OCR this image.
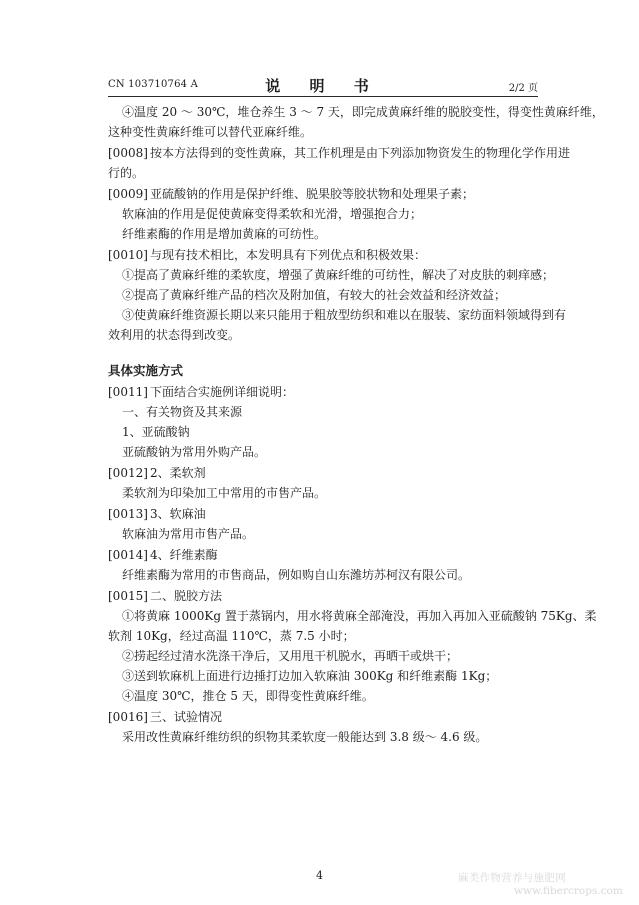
CN 103710764 A	说 明 书	2/2 页
④温度 20 ～ 30℃，堆仓养生 3 ～ 7 天，即完成黄麻纤维的脱胶变性，得变性黄麻纤维，
这种变性黄麻纤维可以替代亚麻纤维。
[0008] 按本方法得到的变性黄麻，其工作机理是由下列添加物资发生的物理化学作用进
行的。
[0009] 亚硫酸钠的作用是保护纤维、脱果胶等胶状物和处理果子素；
软麻油的作用是促使黄麻变得柔软和光滑，增强抱合力；
纤维素酶的作用是增加黄麻的可纺性。
[0010] 与现有技术相比，本发明具有下列优点和积极效果：
①提高了黄麻纤维的柔软度，增强了黄麻纤维的可纺性，解决了对皮肤的刺痒感；
②提高了黄麻纤维产品的档次及附加值，有较大的社会效益和经济效益；
③使黄麻纤维资源长期以来只能用于粗放型纺织和难以在服装、家纺面料领域得到有
效利用的状态得到改变。
具体实施方式
[0011] 下面结合实施例详细说明：
一、有关物资及其来源
1、亚硫酸钠
亚硫酸钠为常用外购产品。
[0012] 2、柔软剂
柔软剂为印染加工中常用的市售产品。
[0013] 3、软麻油
软麻油为常用市售产品。
[0014] 4、纤维素酶
纤维素酶为常用的市售商品，例如购自山东潍坊苏柯汉有限公司。
[0015] 二、脱胶方法
①将黄麻 1000Kg 置于蒸锅内，用水将黄麻全部淹没，再加入再加入亚硫酸钠 75Kg、柔
软剂 10Kg，经过高温 110℃，蒸 7.5 小时；
②捞起经过清水洗涤干净后，又用甩干机脱水，再晒干或烘干；
③送到软麻机上面进行边捶打边加入软麻油 300Kg 和纤维素酶 1Kg；
④温度 30℃，推仓 5 天，即得变性黄麻纤维。
[0016] 三、试验情况
采用改性黄麻纤维纺织的织物其柔软度一般能达到 3.8 级～ 4.6 级。
4	麻类作物营养与施肥网
www.fibercrops.com
